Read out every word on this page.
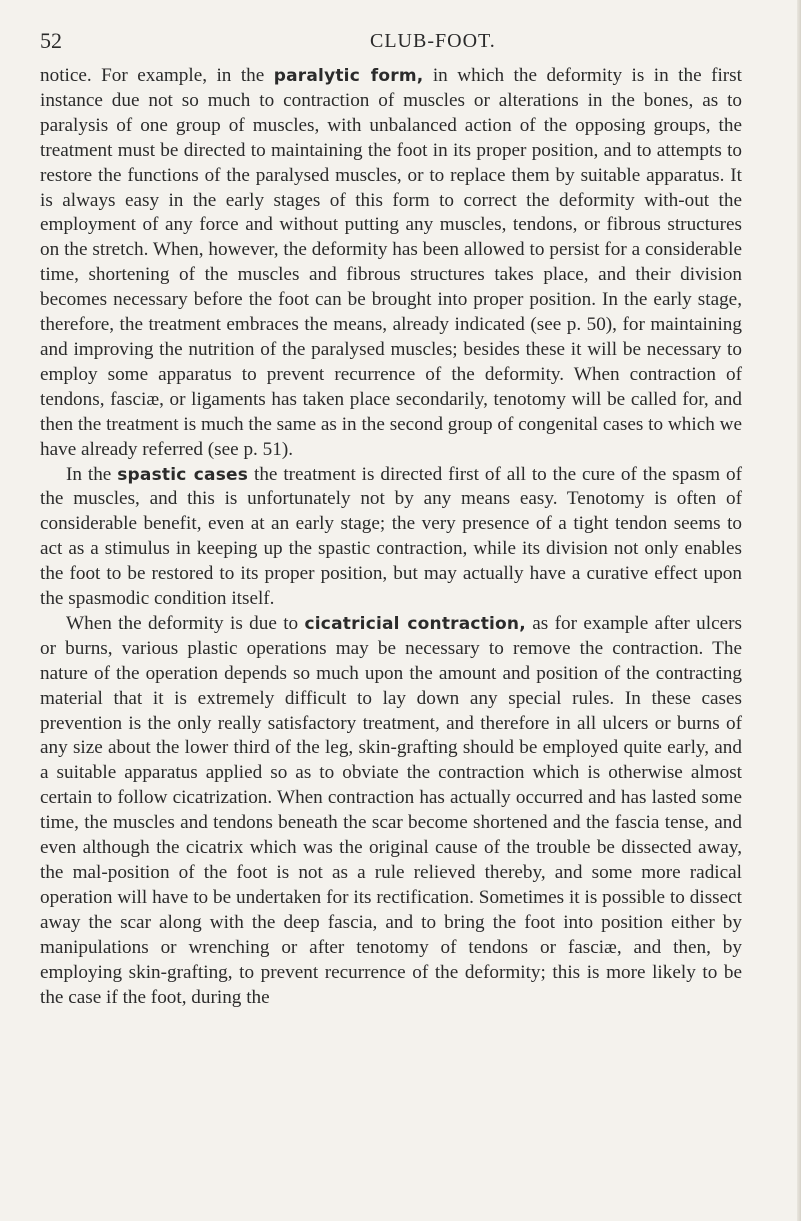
52	CLUB-FOOT.

notice. For example, in the paralytic form, in which the deformity is in the first instance due not so much to contraction of muscles or alterations in the bones, as to paralysis of one group of muscles, with unbalanced action of the opposing groups, the treatment must be directed to maintaining the foot in its proper position, and to attempts to restore the functions of the paralysed muscles, or to replace them by suitable apparatus. It is always easy in the early stages of this form to correct the deformity with-out the employment of any force and without putting any muscles, tendons, or fibrous structures on the stretch. When, however, the deformity has been allowed to persist for a considerable time, shortening of the muscles and fibrous structures takes place, and their division becomes necessary before the foot can be brought into proper position. In the early stage, therefore, the treatment embraces the means, already indicated (see p. 50), for maintaining and improving the nutrition of the paralysed muscles; besides these it will be necessary to employ some apparatus to prevent recurrence of the deformity. When contraction of tendons, fasciæ, or ligaments has taken place secondarily, tenotomy will be called for, and then the treatment is much the same as in the second group of congenital cases to which we have already referred (see p. 51).

In the spastic cases the treatment is directed first of all to the cure of the spasm of the muscles, and this is unfortunately not by any means easy. Tenotomy is often of considerable benefit, even at an early stage; the very presence of a tight tendon seems to act as a stimulus in keeping up the spastic contraction, while its division not only enables the foot to be restored to its proper position, but may actually have a curative effect upon the spasmodic condition itself.

When the deformity is due to cicatricial contraction, as for example after ulcers or burns, various plastic operations may be necessary to remove the contraction. The nature of the operation depends so much upon the amount and position of the contracting material that it is extremely difficult to lay down any special rules. In these cases prevention is the only really satisfactory treatment, and therefore in all ulcers or burns of any size about the lower third of the leg, skin-grafting should be employed quite early, and a suitable apparatus applied so as to obviate the contraction which is otherwise almost certain to follow cicatrization. When contraction has actually occurred and has lasted some time, the muscles and tendons beneath the scar become shortened and the fascia tense, and even although the cicatrix which was the original cause of the trouble be dissected away, the mal-position of the foot is not as a rule relieved thereby, and some more radical operation will have to be undertaken for its rectification. Sometimes it is possible to dissect away the scar along with the deep fascia, and to bring the foot into position either by manipulations or wrenching or after tenotomy of tendons or fasciæ, and then, by employing skin-grafting, to prevent recurrence of the deformity; this is more likely to be the case if the foot, during the
